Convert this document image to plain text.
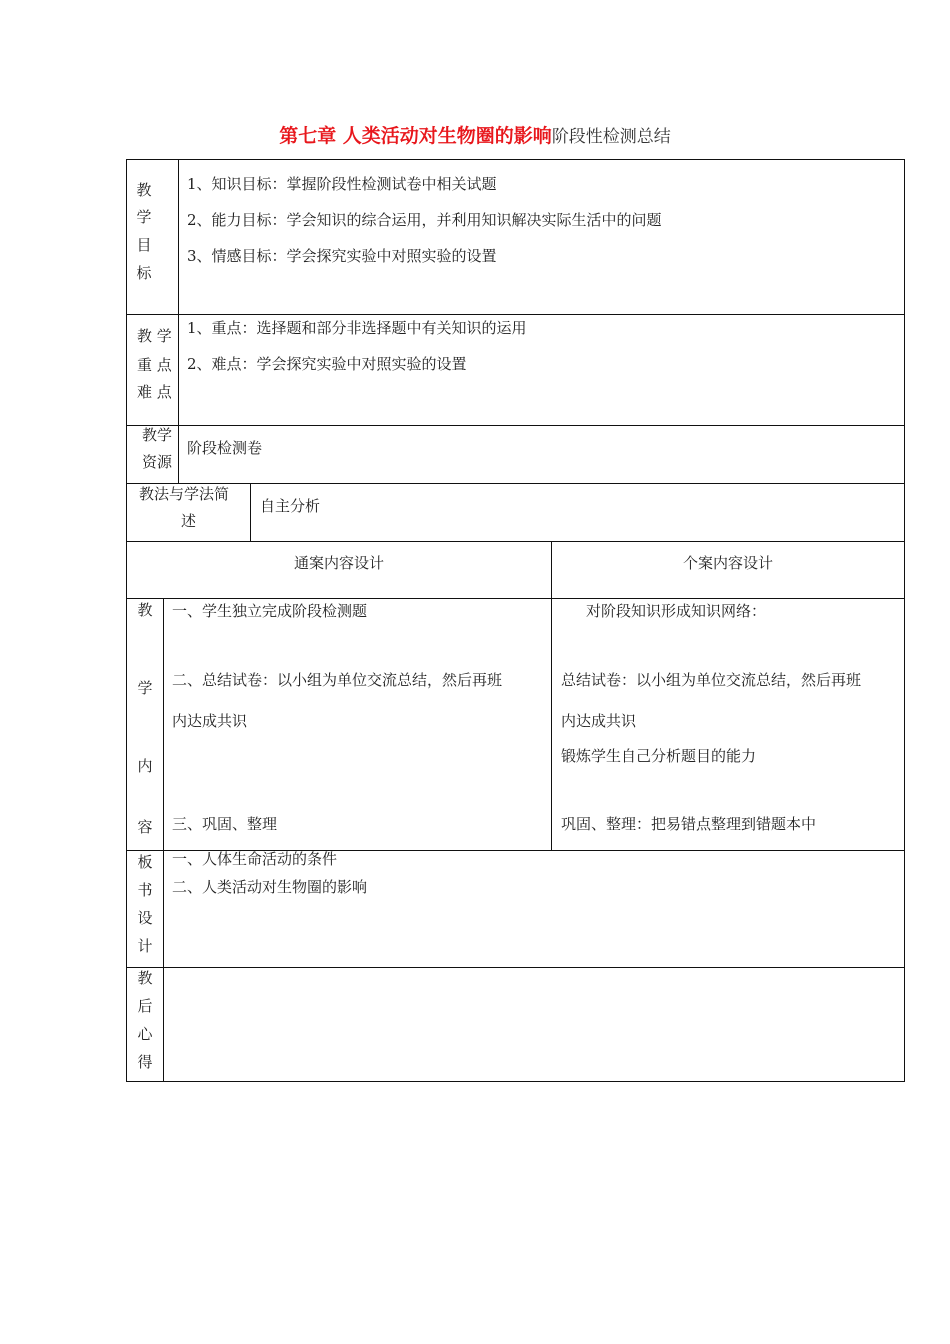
第七章 人类活动对生物圈的影响阶段性检测总结
教
学
目
标
1、知识目标：掌握阶段性检测试卷中相关试题
2、能力目标：学会知识的综合运用，并利用知识解决实际生活中的问题
3、情感目标：学会探究实验中对照实验的设置
教 学
重 点
难 点
1、重点：选择题和部分非选择题中有关知识的运用
2、难点：学会探究实验中对照实验的设置
教学
资源
阶段检测卷
教法与学法简
述
自主分析
通案内容设计	个案内容设计
教
学
内
容
一、学生独立完成阶段检测题
二、总结试卷：以小组为单位交流总结，然后再班
内达成共识
三、巩固、整理
对阶段知识形成知识网络：
总结试卷：以小组为单位交流总结，然后再班
内达成共识
锻炼学生自己分析题目的能力
巩固、整理：把易错点整理到错题本中
板
书
设
计
一、人体生命活动的条件
二、人类活动对生物圈的影响
教
后
心
得
